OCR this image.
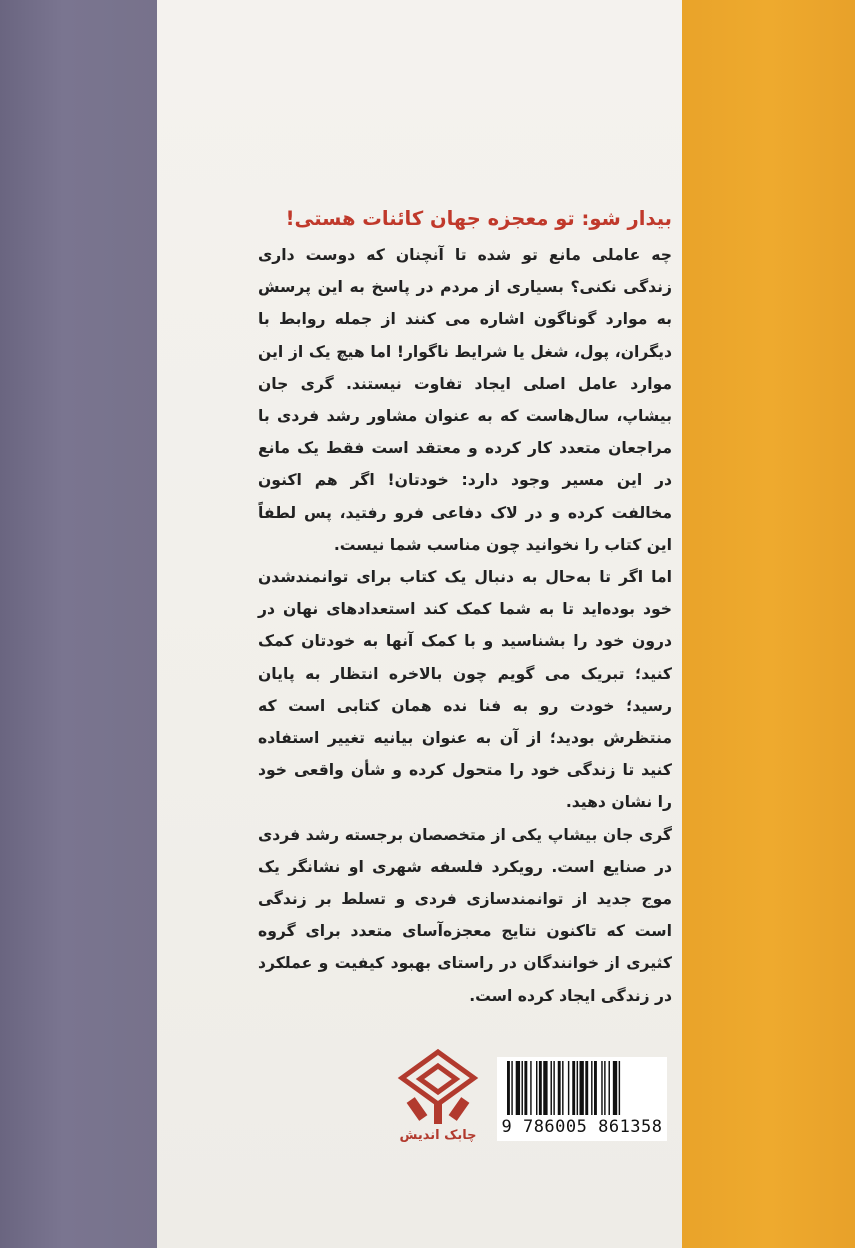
بیدار شو: تو معجزه جهان کائنات هستی!

چه عاملی مانع تو شده تا آنچنان که دوست داری زندگی نکنی؟ بسیاری از مردم در پاسخ به این پرسش به موارد گوناگون اشاره می کنند از جمله روابط با دیگران، پول، شغل یا شرایط ناگوار! اما هیچ یک از این موارد عامل اصلی ایجاد تفاوت نیستند. گری جان بیشاپ، سال‌هاست که به عنوان مشاور رشد فردی با مراجعان متعدد کار کرده و معتقد است فقط یک مانع در این مسیر وجود دارد: خودتان! اگر هم اکنون مخالفت کرده و در لاک دفاعی فرو رفتید، پس لطفاً این کتاب را نخوانید چون مناسب شما نیست.

اما اگر تا به‌حال به دنبال یک کتاب برای توانمندشدن خود بوده‌اید تا به شما کمک کند استعدادهای نهان در درون خود را بشناسید و با کمک آنها به خودتان کمک کنید؛ تبریک می گویم چون بالاخره انتظار به پایان رسید؛ خودت رو به فنا نده همان کتابی است که منتظرش بودید؛ از آن به عنوان بیانیه تغییر استفاده کنید تا زندگی خود را متحول کرده و شأن واقعی خود را نشان دهید.

گری جان بیشاپ یکی از متخصصان برجسته رشد فردی در صنایع است. رویکرد فلسفه شهری او نشانگر یک موج جدید از توانمندسازی فردی و تسلط بر زندگی است که تاکنون نتایج معجزه‌آسای متعدد برای گروه کثیری از خوانندگان در راستای بهبود کیفیت و عملکرد در زندگی ایجاد کرده است.

چابک اندیش	9 786005 861358
